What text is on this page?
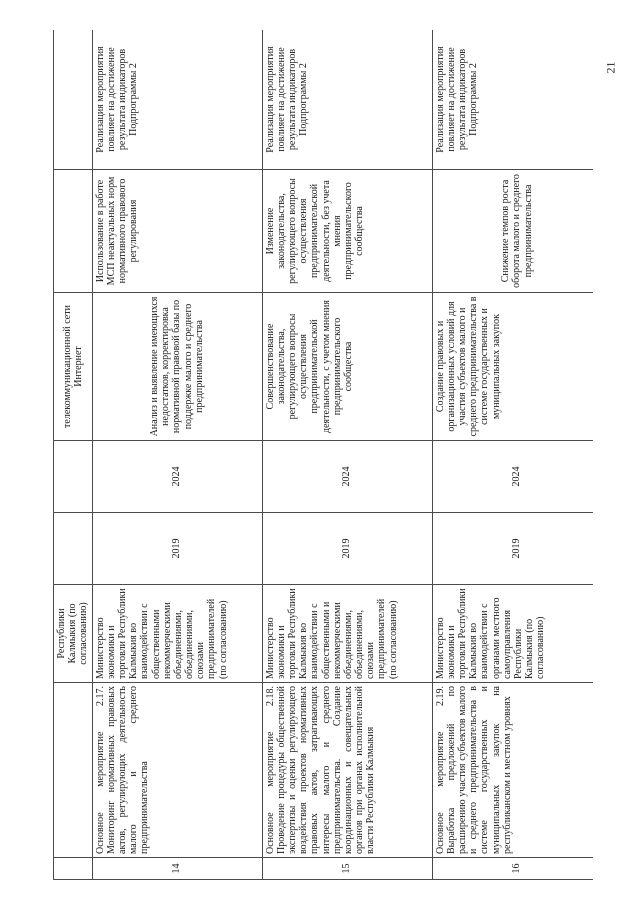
		Республики Калмыкия (по согласованию)			телекоммуникационной сети Интернет		
14	Основное мероприятие 2.17. Мониторинг нормативных правовых актов, регулирующих деятельность малого и среднего предпринимательства	Министерство экономики и торговли Республики Калмыкия во взаимодействии с общественными некоммерческими объединениями, объединениями, союзами предпринимателей (по согласованию)	2019	2024	Анализ и выявление имеющихся недостатков, корректировка нормативной правовой базы по поддержке малого и среднего предпринимательства	Использование в работе МСП неактуальных норм нормативного правового регулирования	Реализация мероприятия повлияет на достижение результата индикаторов Подпрограммы 2
15	Основное мероприятие 2.18. Проведение процедуры общественной экспертизы и оценки регулирующего воздействия проектов нормативных правовых актов, затрагивающих интересы малого и среднего предпринимательства. Создание координационных и совещательных органов при органах исполнительной власти Республики Калмыкия	Министерство экономики и торговли Республики Калмыкия во взаимодействии с общественными и некоммерческими объединениями, объединениями, союзами предпринимателей (по согласованию)	2019	2024	Совершенствование законодательства, регулирующего вопросы осуществления предпринимательской деятельности, с учетом мнения предпринимательского сообщества	Изменение законодательства, регулирующего вопросы осуществления предпринимательской деятельности, без учета мнения предпринимательского сообщества	Реализация мероприятия повлияет на достижение результата индикаторов Подпрограммы 2
16	Основное мероприятие 2.19. Выработка предложений по расширению участия субъектов малого и среднего предпринимательства в системе государственных и муниципальных закупок на республиканском и местном уровнях	Министерство экономики и торговли Республики Калмыкия во взаимодействии с органами местного самоуправления Республики Калмыкия (по согласованию)	2019	2024	Создание правовых и организационных условий для участия субъектов малого и среднего предпринимательства в системе государственных и муниципальных закупок	Снижение темпов роста оборота малого и среднего предпринимательства	Реализация мероприятия повлияет на достижение результата индикаторов Подпрограммы 2	21
